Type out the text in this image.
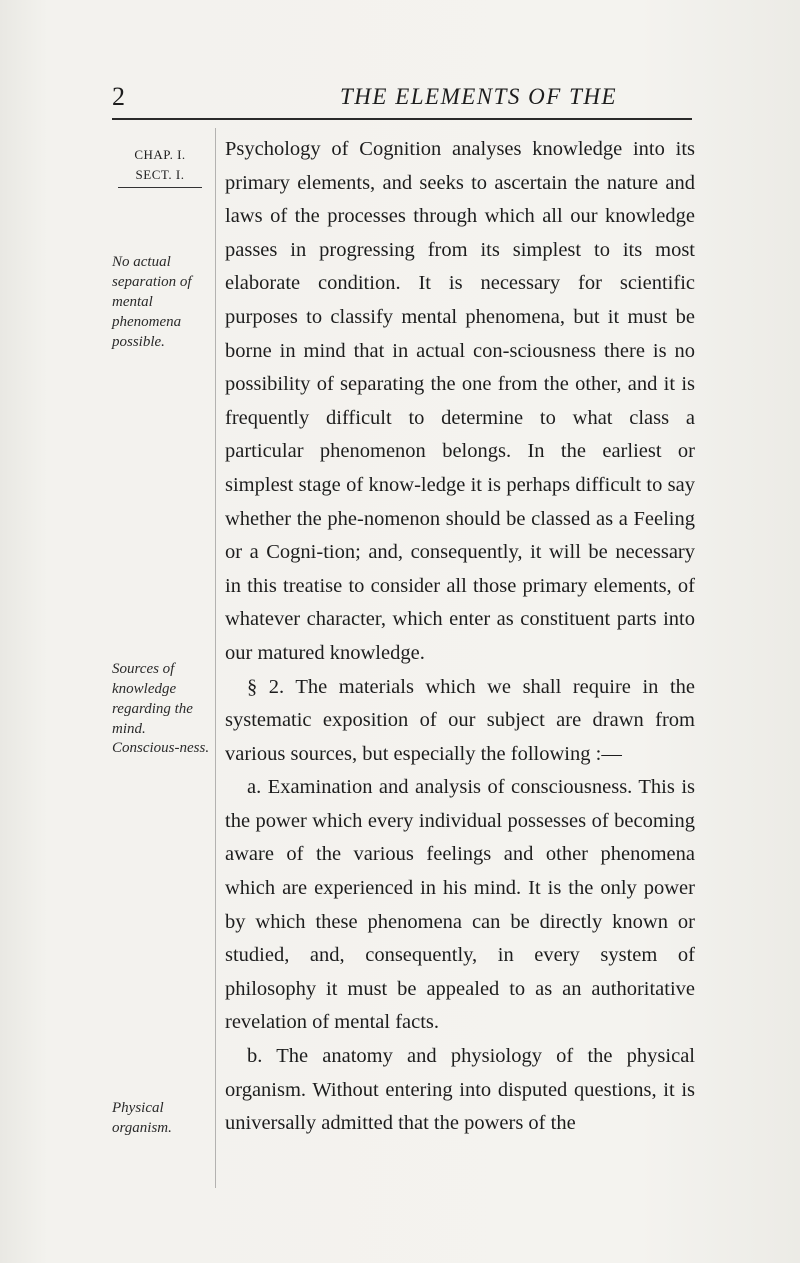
2	THE ELEMENTS OF THE
CHAP. I.
SECT. I.
No actual separation of mental phenomena possible.
Sources of knowledge regarding the mind.
Conscious-ness.
Physical organism.

Psychology of Cognition analyses knowledge into its primary elements, and seeks to ascertain the nature and laws of the processes through which all our knowledge passes in progressing from its simplest to its most elaborate condition. It is necessary for scientific purposes to classify mental phenomena, but it must be borne in mind that in actual con-sciousness there is no possibility of separating the one from the other, and it is frequently difficult to determine to what class a particular phenomenon belongs. In the earliest or simplest stage of know-ledge it is perhaps difficult to say whether the phe-nomenon should be classed as a Feeling or a Cogni-tion; and, consequently, it will be necessary in this treatise to consider all those primary elements, of whatever character, which enter as constituent parts into our matured knowledge.

§ 2. The materials which we shall require in the systematic exposition of our subject are drawn from various sources, but especially the following :—

a. Examination and analysis of consciousness. This is the power which every individual possesses of becoming aware of the various feelings and other phenomena which are experienced in his mind. It is the only power by which these phenomena can be directly known or studied, and, consequently, in every system of philosophy it must be appealed to as an authoritative revelation of mental facts.

b. The anatomy and physiology of the physical organism. Without entering into disputed questions, it is universally admitted that the powers of the
